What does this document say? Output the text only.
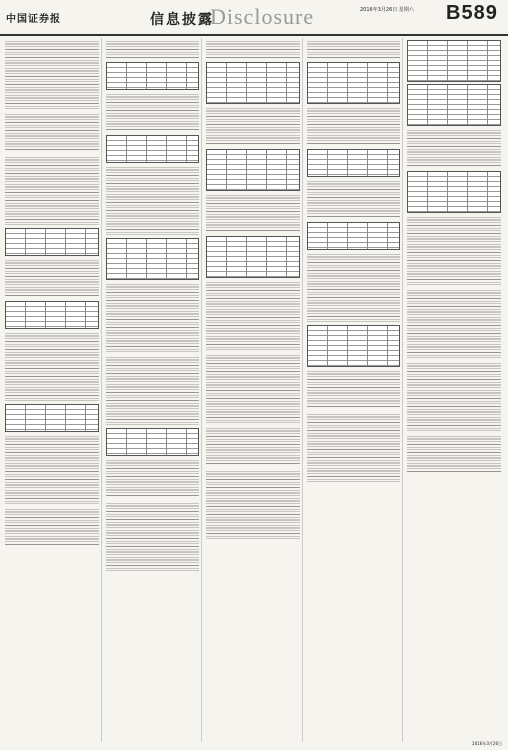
中国证券报	信息披露
Disclosure	2016年3月26日 星期六 B589
2016年3月26日
